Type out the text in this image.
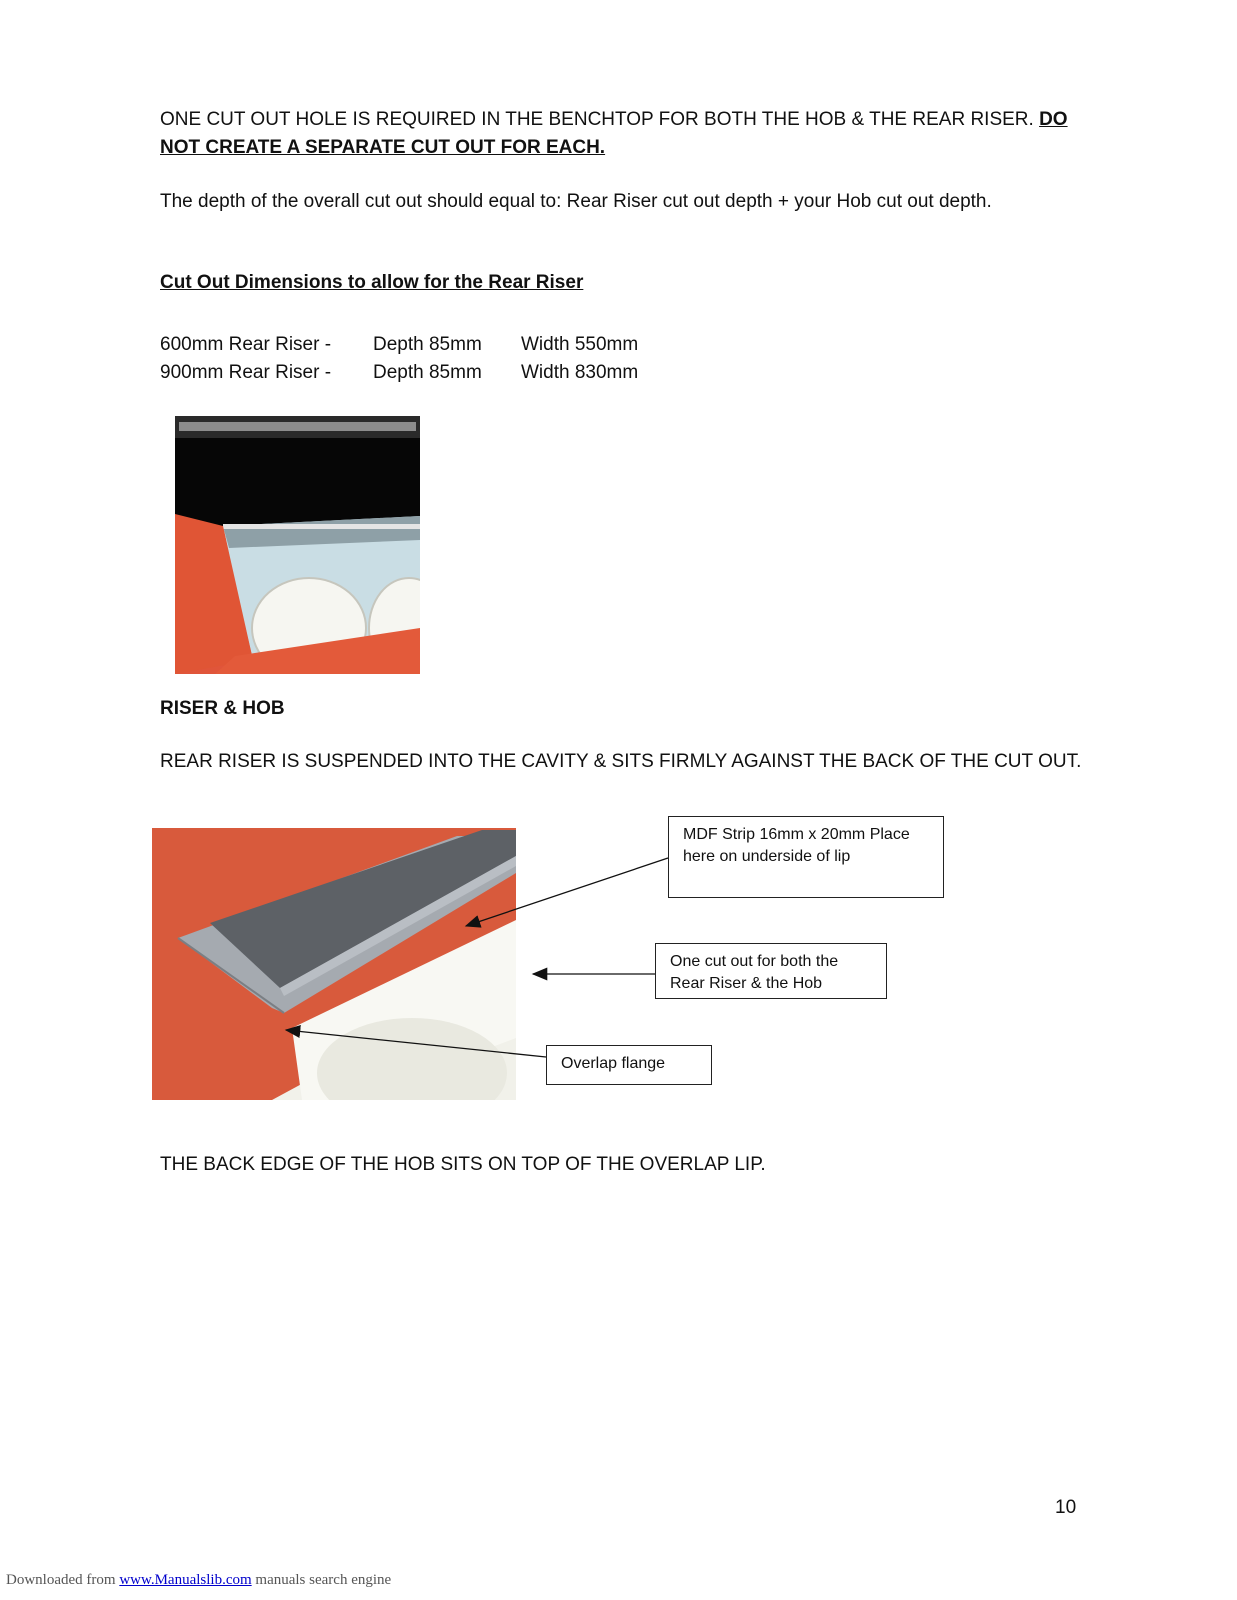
ONE CUT OUT HOLE IS REQUIRED IN THE BENCHTOP FOR BOTH THE HOB & THE REAR RISER. DO

NOT CREATE A SEPARATE CUT OUT FOR EACH.

The depth of the overall cut out should equal to: Rear Riser cut out depth + your Hob cut out depth.

Cut Out Dimensions to allow for the Rear Riser

600mm Rear Riser - Depth 85mm Width 550mm
900mm Rear Riser - Depth 85mm Width 830mm

RISER & HOB

REAR RISER IS SUSPENDED INTO THE CAVITY & SITS FIRMLY AGAINST THE BACK OF THE CUT OUT.

MDF Strip 16mm x 20mm Place here on underside of lip
One cut out for both the Rear Riser & the Hob
Overlap flange

THE BACK EDGE OF THE HOB SITS ON TOP OF THE OVERLAP LIP.

10
Downloaded from www.Manualslib.com manuals search engine
